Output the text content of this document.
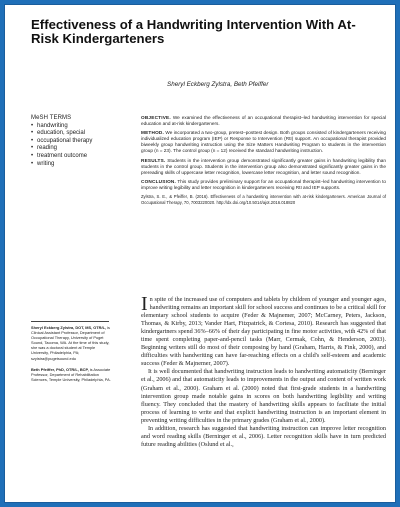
Effectiveness of a Handwriting Intervention With At-Risk Kindergarteners
Sheryl Eckberg Zylstra, Beth Pfeiffer
MeSH TERMS
• handwriting
• education, special
• occupational therapy
• reading
• treatment outcome
• writing

OBJECTIVE. We examined the effectiveness of an occupational therapist–led handwriting intervention for special education and at-risk kindergarteners.

METHOD. We incorporated a two-group, pretest–posttest design. Both groups consisted of kindergarteners receiving individualized education program (IEP) or Response to Intervention (RtI) support. An occupational therapist provided biweekly group handwriting instruction using the Size Matters Handwriting Program to students in the intervention group (n = 23). The control group (n = 12) received the standard handwriting instruction.

RESULTS. Students in the intervention group demonstrated significantly greater gains in handwriting legibility than students in the control group. Students in the intervention group also demonstrated significantly greater gains in the prereading skills of uppercase letter recognition, lowercase letter recognition, and letter sound recognition.

CONCLUSION. This study provides preliminary support for an occupational therapist–led handwriting intervention to improve writing legibility and letter recognition in kindergarteners receiving RtI and IEP supports.

Zylstra, S. E., & Pfeiffer, B. (2016). Effectiveness of a handwriting intervention with at-risk kindergarteners. American Journal of Occupational Therapy, 70, 7003220020. http://dx.doi.org/10.5014/ajot.2016.018820

Sheryl Eckberg Zylstra, DOT, MS, OTR/L, is Clinical Assistant Professor, Department of Occupational Therapy, University of Puget Sound, Tacoma, WA. At the time of this study, she was a doctoral student at Temple University, Philadelphia, PA; szylstra@pugetsound.edu
Beth Pfeiffer, PhD, OTR/L, BCP, is Associate Professor, Department of Rehabilitation Sciences, Temple University, Philadelphia, PA.

In spite of the increased use of computers and tablets by children of younger and younger ages, handwriting remains an important skill for school success and continues to be a critical skill for elementary school students to acquire (Feder & Majnemer, 2007; McCarney, Peters, Jackson, Thomas, & Kirby, 2013; Vander Hart, Fitzpatrick, & Cortesa, 2010). Research has suggested that kindergartners spend 36%–66% of their day participating in fine motor activities, with 42% of that time spent completing paper-and-pencil tasks (Marr, Cermak, Cohn, & Henderson, 2003). Beginning writers still do most of their composing by hand (Graham, Harris, & Fink, 2000), and difficulties with handwriting can have far-reaching effects on a child's self-esteem and academic success (Feder & Majnemer, 2007).

It is well documented that handwriting instruction leads to handwriting automaticity (Berninger et al., 2006) and that automaticity leads to improvements in the output and content of written work (Graham et al., 2000). Graham et al. (2000) noted that first-grade students in a handwriting intervention group made notable gains in scores on both handwriting legibility and writing fluency. They concluded that the mastery of handwriting skills appears to facilitate the initial process of learning to write and that explicit handwriting instruction is an important element in preventing writing difficulties in the primary grades (Graham et al., 2000).

In addition, research has suggested that handwriting instruction can improve letter recognition and word reading skills (Berninger et al., 2006). Letter recognition skills have in turn predicted future reading abilities (Oslund et al.,
